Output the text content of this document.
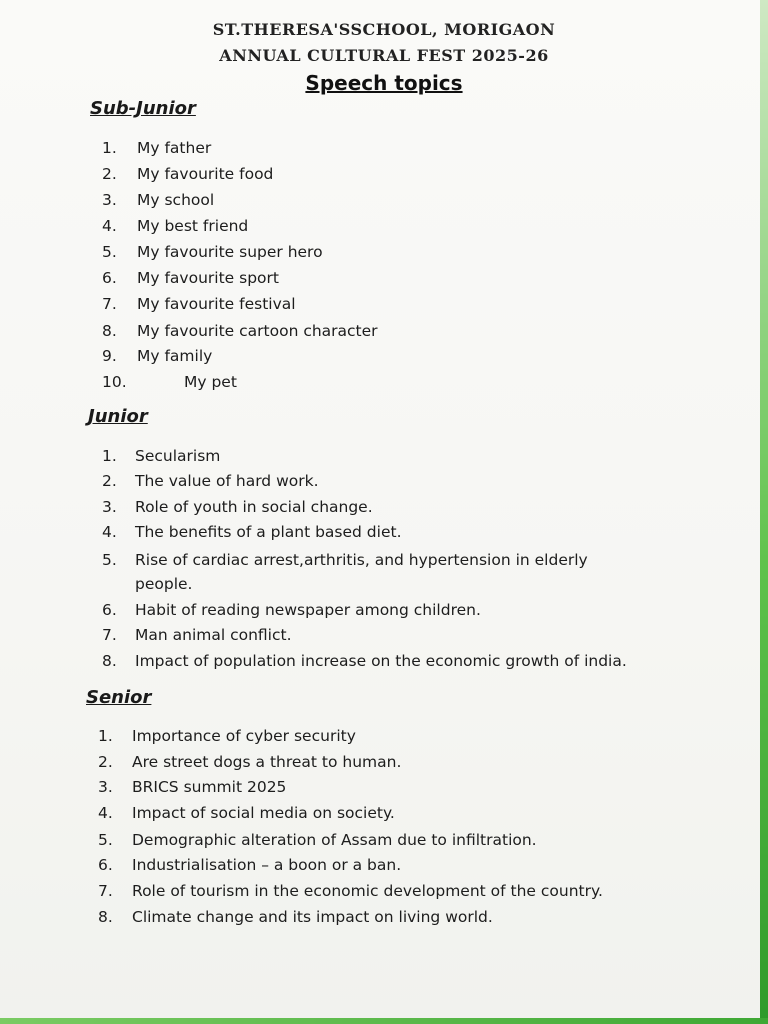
ST.THERESA'SSCHOOL, MORIGAON
ANNUAL CULTURAL FEST 2025-26
Speech topics
Sub-Junior
1.	My father
2.	My favourite food
3.	My school
4.	My best friend
5.	My favourite super hero
6.	My favourite sport
7.	My favourite festival
8.	My favourite cartoon character
9.	My family
10.	My pet
Junior
1.	Secularism
2.	The value of hard work.
3.	Role of youth in social change.
4.	The benefits of a plant based diet.
5.	Rise of cardiac arrest,arthritis, and hypertension in elderly
people.
6.	Habit of reading newspaper among children.
7.	Man animal conflict.
8.	Impact of population increase on the economic growth of india.
Senior
1.	Importance of cyber security
2.	Are street dogs a threat to human.
3.	BRICS summit 2025
4.	Impact of social media on society.
5.	Demographic alteration of Assam due to infiltration.
6.	Industrialisation – a boon or a ban.
7.	Role of tourism in the economic development of the country.
8.	Climate change and its impact on living world.
